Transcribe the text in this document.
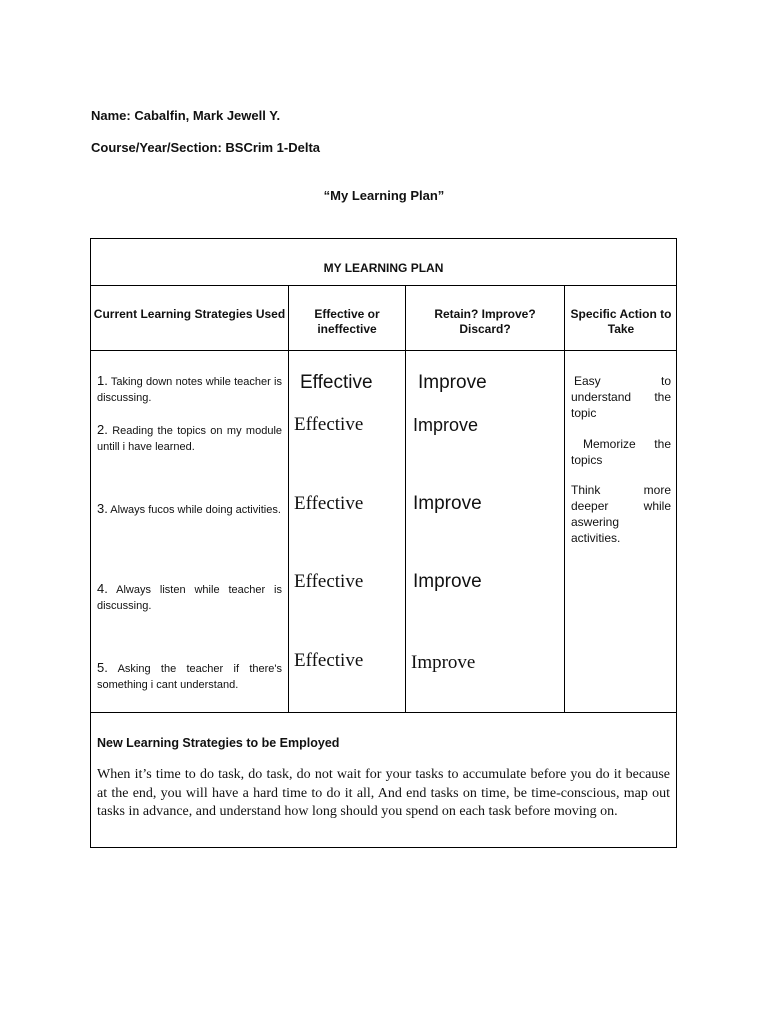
Name: Cabalfin, Mark Jewell Y.
Course/Year/Section: BSCrim 1-Delta
“My Learning Plan”
MY LEARNING PLAN
Current Learning Strategies Used	Effective or ineffective
Retain? Improve? Discard?
Specific Action to Take
1. Taking down notes while teacher is discussing.
2. Reading the topics on my module untill i have learned.
3. Always fucos while doing activities.
4. Always listen while teacher is discussing.
5. Asking the teacher if there's something i cant understand.
Effective
Effective
Effective
Effective
Effective
Improve
Improve
Improve
Improve
Improve
Easy to understand the topic
Memorize the topics
Think more deeper while aswering activities.
New Learning Strategies to be Employed
When it’s time to do task, do task, do not wait for your tasks to accumulate before you do it because at the end, you will have a hard time to do it all, And end tasks on time, be time-conscious, map out tasks in advance, and understand how long should you spend on each task before moving on.
